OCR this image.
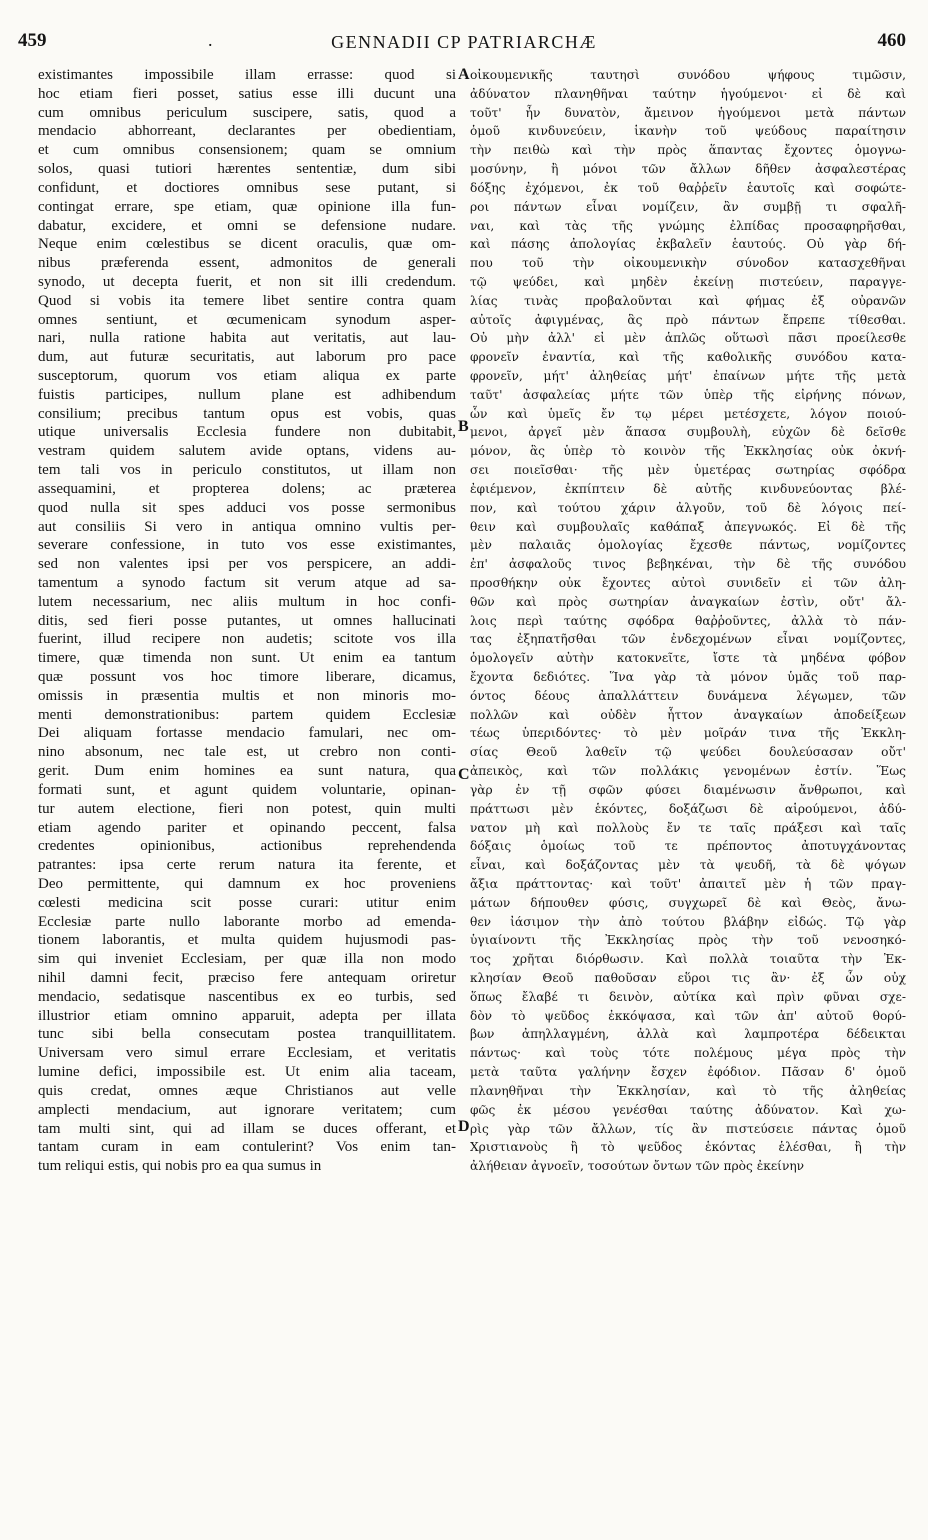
459	.	GENNADII CP PATRIARCHÆ	460
existimantes impossibile illam errasse: quod si
hoc etiam fieri posset, satius esse illi ducunt una
cum omnibus periculum suscipere, satis, quod a
mendacio abhorreant, declarantes per obedientiam,
et cum omnibus consensionem; quam se omnium
solos, quasi tutiori hærentes sententiæ, dum sibi
confidunt, et doctiores omnibus sese putant, si
contingat errare, spe etiam, quæ opinione illa fun-
dabatur, excidere, et omni se defensione nudare.
Neque enim cœlestibus se dicent oraculis, quæ om-
nibus præferenda essent, admonitos de generali
synodo, ut decepta fuerit, et non sit illi credendum.
Quod si vobis ita temere libet sentire contra quam
omnes sentiunt, et œcumenicam synodum asper-
nari, nulla ratione habita aut veritatis, aut lau-
dum, aut futuræ securitatis, aut laborum pro pace
susceptorum, quorum vos etiam aliqua ex parte
fuistis participes, nullum plane est adhibendum
consilium; precibus tantum opus est vobis, quas
utique universalis Ecclesia fundere non dubitabit,
vestram quidem salutem avide optans, videns au-
tem tali vos in periculo constitutos, ut illam non
assequamini, et propterea dolens; ac præterea
quod nulla sit spes adduci vos posse sermonibus
aut consiliis Si vero in antiqua omnino vultis per-
severare confessione, in tuto vos esse existimantes,
sed non valentes ipsi per vos perspicere, an addi-
tamentum a synodo factum sit verum atque ad sa-
lutem necessarium, nec aliis multum in hoc confi-
ditis, sed fieri posse putantes, ut omnes hallucinati
fuerint, illud recipere non audetis; scitote vos illa
timere, quæ timenda non sunt. Ut enim ea tantum
quæ possunt vos hoc timore liberare, dicamus,
omissis in præsentia multis et non minoris mo-
menti demonstrationibus: partem quidem Ecclesiæ
Dei aliquam fortasse mendacio famulari, nec om-
nino absonum, nec tale est, ut crebro non conti-
gerit. Dum enim homines ea sunt natura, qua
formati sunt, et agunt quidem voluntarie, opinan-
tur autem electione, fieri non potest, quin multi
etiam agendo pariter et opinando peccent, falsa
credentes opinionibus, actionibus reprehendenda
patrantes: ipsa certe rerum natura ita ferente, et
Deo permittente, qui damnum ex hoc proveniens
cœlesti medicina scit posse curari: utitur enim
Ecclesiæ parte nullo laborante morbo ad emenda-
tionem laborantis, et multa quidem hujusmodi pas-
sim qui inveniet Ecclesiam, per quæ illa non modo
nihil damni fecit, præciso fere antequam oriretur
mendacio, sedatisque nascentibus ex eo turbis, sed
illustrior etiam omnino apparuit, adepta per illata
tunc sibi bella consecutam postea tranquillitatem.
Universam vero simul errare Ecclesiam, et veritatis
lumine defici, impossibile est. Ut enim alia taceam,
quis credat, omnes æque Christianos aut velle
amplecti mendacium, aut ignorare veritatem; cum
tam multi sint, qui ad illam se duces offerant, et
tantam curam in eam contulerint? Vos enim tan-
tum reliqui estis, qui nobis pro ea qua sumus in
οἰκουμενικῆς ταυτησὶ συνόδου ψήφους τιμῶσιν,
ἀδύνατον πλανηθῆναι ταύτην ἡγούμενοι· εἰ δὲ καὶ
τοῦτ' ἦν δυνατὸν, ἄμεινον ἡγούμενοι μετὰ πάντων
ὁμοῦ κινδυνεύειν, ἱκανὴν τοῦ ψεύδους παραίτησιν
τὴν πειθὼ καὶ τὴν πρὸς ἅπαντας ἔχοντες ὁμογνω-
μοσύνην, ἢ μόνοι τῶν ἄλλων δῆθεν ἀσφαλεστέρας
δόξης ἐχόμενοι, ἐκ τοῦ θαῤῥεῖν ἑαυτοῖς καὶ σοφώτε-
ροι πάντων εἶναι νομίζειν, ἂν συμβῇ τι σφαλῆ-
ναι, καὶ τὰς τῆς γνώμης ἐλπίδας προσαφηρῆσθαι,
καὶ πάσης ἀπολογίας ἐκβαλεῖν ἑαυτούς. Οὐ γὰρ δή-
που τοῦ τὴν οἰκουμενικὴν σύνοδον κατασχεθῆναι
τῷ ψεύδει, καὶ μηδὲν ἐκείνῃ πιστεύειν, παραγγε-
λίας τινὰς προβαλοῦνται καὶ φήμας ἐξ οὐρανῶν
αὐτοῖς ἀφιγμένας, ἃς πρὸ πάντων ἔπρεπε τίθεσθαι.
Οὐ μὴν ἀλλ' εἰ μὲν ἁπλῶς οὕτωσὶ πᾶσι προείλεσθε
φρονεῖν ἐναντία, καὶ τῆς καθολικῆς συνόδου κατα-
φρονεῖν, μήτ' ἀληθείας μήτ' ἐπαίνων μήτε τῆς μετὰ
ταῦτ' ἀσφαλείας μήτε τῶν ὑπὲρ τῆς εἰρήνης πόνων,
ὧν καὶ ὑμεῖς ἔν τῳ μέρει μετέσχετε, λόγον ποιού-
μενοι, ἀργεῖ μὲν ἅπασα συμβουλὴ, εὐχῶν δὲ δεῖσθε
μόνον, ἃς ὑπὲρ τὸ κοινὸν τῆς Ἐκκλησίας οὐκ ὀκνή-
σει ποιεῖσθαι· τῆς μὲν ὑμετέρας σωτηρίας σφόδρα
ἐφιέμενον, ἐκπίπτειν δὲ αὐτῆς κινδυνεύοντας βλέ-
πον, καὶ τούτου χάριν ἀλγοῦν, τοῦ δὲ λόγοις πεί-
θειν καὶ συμβουλαῖς καθάπαξ ἀπεγνωκός. Εἰ δὲ τῆς
μὲν παλαιᾶς ὁμολογίας ἔχεσθε πάντως, νομίζοντες
ἐπ' ἀσφαλοῦς τινος βεβηκέναι, τὴν δὲ τῆς συνόδου
προσθήκην οὐκ ἔχοντες αὐτοὶ συνιδεῖν εἰ τῶν ἀλη-
θῶν καὶ πρὸς σωτηρίαν ἀναγκαίων ἐστὶν, οὔτ' ἄλ-
λοις περὶ ταύτης σφόδρα θαῤῥοῦντες, ἀλλὰ τὸ πάν-
τας ἐξηπατῆσθαι τῶν ἐνδεχομένων εἶναι νομίζοντες,
ὁμολογεῖν αὐτὴν κατοκνεῖτε, ἴστε τὰ μηδένα φόβον
ἔχοντα δεδιότες. Ἵνα γὰρ τὰ μόνον ὑμᾶς τοῦ παρ-
όντος δέους ἀπαλλάττειν δυνάμενα λέγωμεν, τῶν
πολλῶν καὶ οὐδὲν ἧττον ἀναγκαίων ἀποδείξεων
τέως ὑπεριδόντες· τὸ μὲν μοῖράν τινα τῆς Ἐκκλη-
σίας Θεοῦ λαθεῖν τῷ ψεύδει δουλεύσασαν οὔτ'
ἀπεικὸς, καὶ τῶν πολλάκις γενομένων ἐστίν. Ἕως
γὰρ ἐν τῇ σφῶν φύσει διαμένωσιν ἄνθρωποι, καὶ
πράττωσι μὲν ἑκόντες, δοξάζωσι δὲ αἱρούμενοι, ἀδύ-
νατον μὴ καὶ πολλοὺς ἔν τε ταῖς πράξεσι καὶ ταῖς
δόξαις ὁμοίως τοῦ τε πρέποντος ἀποτυγχάνοντας
εἶναι, καὶ δοξάζοντας μὲν τὰ ψευδῆ, τὰ δὲ ψόγων
ἄξια πράττοντας· καὶ τοῦτ' ἀπαιτεῖ μὲν ἡ τῶν πραγ-
μάτων δήπουθεν φύσις, συγχωρεῖ δὲ καὶ Θεὸς, ἄνω-
θεν ἰάσιμον τὴν ἀπὸ τούτου βλάβην εἰδώς. Τῷ γὰρ
ὑγιαίνοντι τῆς Ἐκκλησίας πρὸς τὴν τοῦ νενοσηκό-
τος χρῆται διόρθωσιν. Καὶ πολλὰ τοιαῦτα τὴν Ἐκ-
κλησίαν Θεοῦ παθοῦσαν εὕροι τις ἂν· ἐξ ὧν οὐχ
ὅπως ἔλαβέ τι δεινὸν, αὐτίκα καὶ πρὶν φῦναι σχε-
δὸν τὸ ψεῦδος ἐκκόψασα, καὶ τῶν ἀπ' αὐτοῦ θορύ-
βων ἀπηλλαγμένη, ἀλλὰ καὶ λαμπροτέρα δέδεικται
πάντως· καὶ τοὺς τότε πολέμους μέγα πρὸς τὴν
μετὰ ταῦτα γαλήνην ἔσχεν ἐφόδιον. Πᾶσαν δ' ὁμοῦ
πλανηθῆναι τὴν Ἐκκλησίαν, καὶ τὸ τῆς ἀληθείας
φῶς ἐκ μέσου γενέσθαι ταύτης ἀδύνατον. Καὶ χω-
ρὶς γὰρ τῶν ἄλλων, τίς ἂν πιστεύσειε πάντας ὁμοῦ
Χριστιανοὺς ἢ τὸ ψεῦδος ἑκόντας ἑλέσθαι, ἢ τὴν
ἀλήθειαν ἀγνοεῖν, τοσούτων ὄντων τῶν πρὸς ἐκείνην
A
B
C
D
